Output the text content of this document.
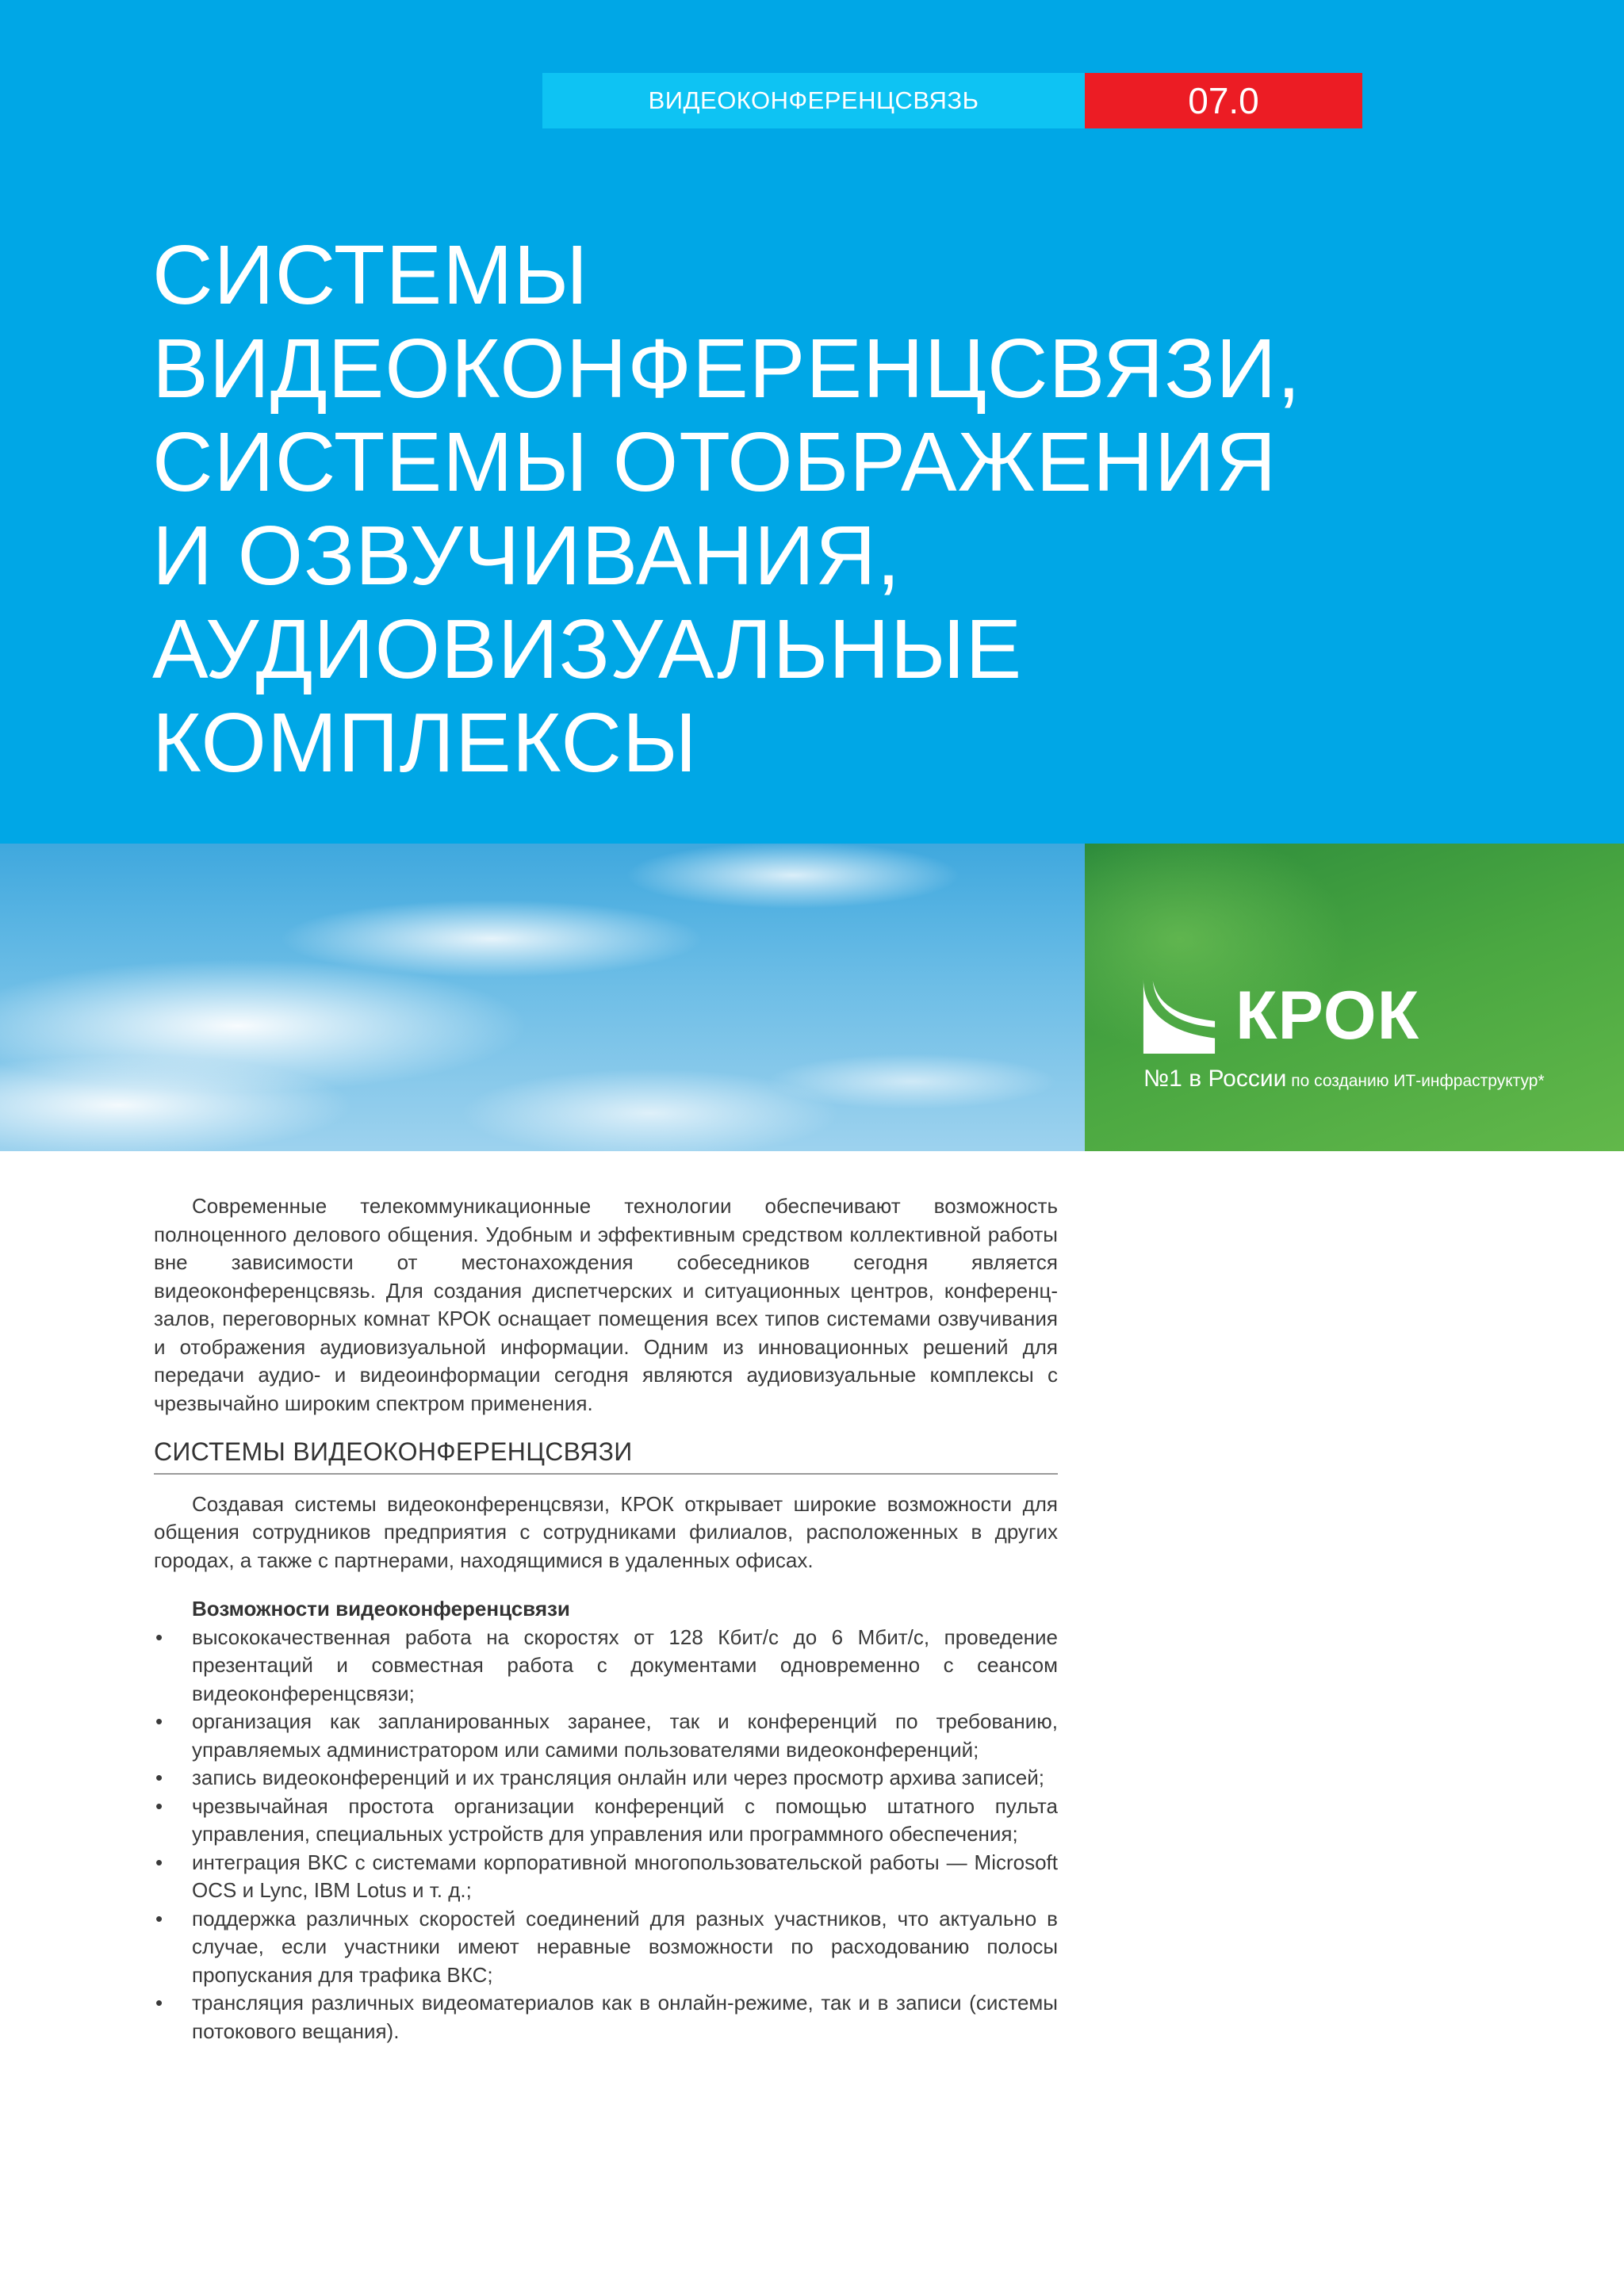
ВИДЕОКОНФЕРЕНЦСВЯЗЬ	07.0
СИСТЕМЫ
ВИДЕОКОНФЕРЕНЦСВЯЗИ,
СИСТЕМЫ ОТОБРАЖЕНИЯ
И ОЗВУЧИВАНИЯ,
АУДИОВИЗУАЛЬНЫЕ
КОМПЛЕКСЫ
КРОК
№1 в России по созданию ИТ-инфраструктур*

Современные телекоммуникационные технологии обеспечивают возможность полноценного делового общения. Удобным и эффективным средством коллективной работы вне зависимости от местонахождения собеседников сегодня является видеоконференцсвязь. Для создания диспетчерских и ситуационных центров, конференц-залов, переговорных комнат КРОК оснащает помещения всех типов системами озвучивания и отображения аудиовизуальной информации. Одним из инновационных решений для передачи аудио- и видеоинформации сегодня являются аудиовизуальные комплексы с чрезвычайно широким спектром применения.

СИСТЕМЫ ВИДЕОКОНФЕРЕНЦСВЯЗИ

Создавая системы видеоконференцсвязи, КРОК открывает широкие возможности для общения сотрудников предприятия с сотрудниками филиалов, расположенных в других городах, а также с партнерами, находящимися в удаленных офисах.

Возможности видеоконференцсвязи
• высококачественная работа на скоростях от 128 Кбит/с до 6 Мбит/с, проведение презентаций и совместная работа с документами одновременно с сеансом видеоконференцсвязи;
• организация как запланированных заранее, так и конференций по требованию, управляемых администратором или самими пользователями видеоконференций;
• запись видеоконференций и их трансляция онлайн или через просмотр архива записей;
• чрезвычайная простота организации конференций с помощью штатного пульта управления, специальных устройств для управления или программного обеспечения;
• интеграция ВКС с системами корпоративной многопользовательской работы — Microsoft OCS и Lync, IBM Lotus и т. д.;
• поддержка различных скоростей соединений для разных участников, что актуально в случае, если участники имеют неравные возможности по расходованию полосы пропускания для трафика ВКС;
• трансляция различных видеоматериалов как в онлайн-режиме, так и в записи (системы потокового вещания).
